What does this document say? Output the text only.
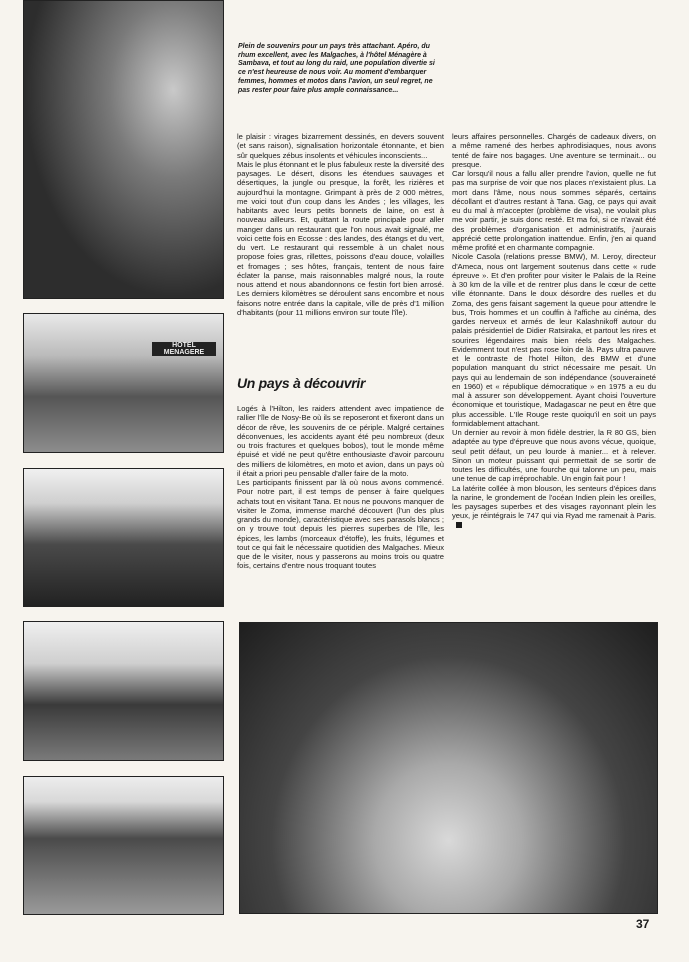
HOTEL MENAGERE

Plein de souvenirs pour un pays très attachant. Apéro, du rhum excellent, avec les Malgaches, à l'hôtel Ménagère à Sambava, et tout au long du raid, une population divertie si ce n'est heureuse de nous voir. Au moment d'embarquer femmes, hommes et motos dans l'avion, un seul regret, ne pas rester pour faire plus ample connaissance...

le plaisir : virages bizarrement dessinés, en devers souvent (et sans raison), signalisation horizontale étonnante, et bien sûr quelques zébus insolents et véhicules inconscients...

Mais le plus étonnant et le plus fabuleux reste la diversité des paysages. Le désert, disons les étendues sauvages et désertiques, la jungle ou presque, la forêt, les rizières et aujourd'hui la montagne. Grimpant à près de 2 000 mètres, me voici tout d'un coup dans les Andes ; les villages, les habitants avec leurs petits bonnets de laine, on est à nouveau ailleurs. Et, quittant la route principale pour aller manger dans un restaurant que l'on nous avait signalé, me voici cette fois en Ecosse : des landes, des étangs et du vert, du vert. Le restaurant qui ressemble à un chalet nous propose foies gras, rillettes, poissons d'eau douce, volailles et fromages ; ses hôtes, français, tentent de nous faire éclater la panse, mais raisonnables malgré nous, la route nous attend et nous abandonnons ce festin fort bien arrosé. Les derniers kilomètres se déroulent sans encombre et nous faisons notre entrée dans la capitale, ville de près d'1 million d'habitants (pour 11 millions environ sur toute l'île).

Un pays à découvrir

Logés à l'Hilton, les raiders attendent avec impatience de rallier l'île de Nosy-Be où ils se reposeront et fixeront dans un décor de rêve, les souvenirs de ce périple. Malgré certaines déconvenues, les accidents ayant été peu nombreux (deux ou trois fractures et quelques bobos), tout le monde même épuisé et vidé ne peut qu'être enthousiaste d'avoir parcouru des milliers de kilomètres, en moto et avion, dans un pays où il était a priori peu pensable d'aller faire de la moto.

Les participants finissent par là où nous avons commencé. Pour notre part, il est temps de penser à faire quelques achats tout en visitant Tana. Et nous ne pouvons manquer de visiter le Zoma, immense marché découvert (l'un des plus grands du monde), caractéristique avec ses parasols blancs ; on y trouve tout depuis les pierres superbes de l'île, les épices, les lambs (morceaux d'étoffe), les fruits, légumes et tout ce qui fait le nécessaire quotidien des Malgaches. Mieux que de le visiter, nous y passerons au moins trois ou quatre fois, certains d'entre nous troquant toutes

leurs affaires personnelles. Chargés de cadeaux divers, on a même ramené des herbes aphrodisiaques, nous avons tenté de faire nos bagages. Une aventure se terminait... ou presque.

Car lorsqu'il nous a fallu aller prendre l'avion, quelle ne fut pas ma surprise de voir que nos places n'existaient plus. La mort dans l'âme, nous nous sommes séparés, certains décollant et d'autres restant à Tana. Gag, ce pays qui avait eu du mal à m'accepter (problème de visa), ne voulait plus me voir partir, je suis donc resté. Et ma foi, si ce n'avait été des problèmes d'organisation et administratifs, j'aurais apprécié cette prolongation inattendue. Enfin, j'en ai quand même profité et en charmante compagnie.

Nicole Casola (relations presse BMW), M. Leroy, directeur d'Ameca, nous ont largement soutenus dans cette « rude épreuve ». Et d'en profiter pour visiter le Palais de la Reine à 30 km de la ville et de rentrer plus dans le cœur de cette ville étonnante. Dans le doux désordre des ruelles et du Zoma, des gens faisant sagement la queue pour attendre le bus, Trois hommes et un couffin à l'affiche au cinéma, des gardes nerveux et armés de leur Kalashnikoff autour du palais présidentiel de Didier Ratsiraka, et partout les rires et sourires légendaires mais bien réels des Malgaches. Evidemment tout n'est pas rose loin de là. Pays ultra pauvre et le contraste de l'hotel Hilton, des BMW et d'une population manquant du strict nécessaire me pesait. Un pays qui au lendemain de son indépendance (souveraineté en 1960) et « république démocratique » en 1975 a eu du mal à assurer son développement. Ayant choisi l'ouverture économique et touristique, Madagascar ne peut en être que plus accessible. L'Ile Rouge reste quoiqu'il en soit un pays formidablement attachant.

Un dernier au revoir à mon fidèle destrier, la R 80 GS, bien adaptée au type d'épreuve que nous avons vécue, quoique, seul petit défaut, un peu lourde à manier... et à relever. Sinon un moteur puissant qui permettait de se sortir de toutes les difficultés, une fourche qui talonne un peu, mais une tenue de cap irréprochable. Un engin fait pour !

La latérite collée à mon blouson, les senteurs d'épices dans la narine, le grondement de l'océan Indien plein les oreilles, les paysages superbes et des visages rayonnant plein les yeux, je réintégrais le 747 qui via Ryad me ramenait à Paris.

37
